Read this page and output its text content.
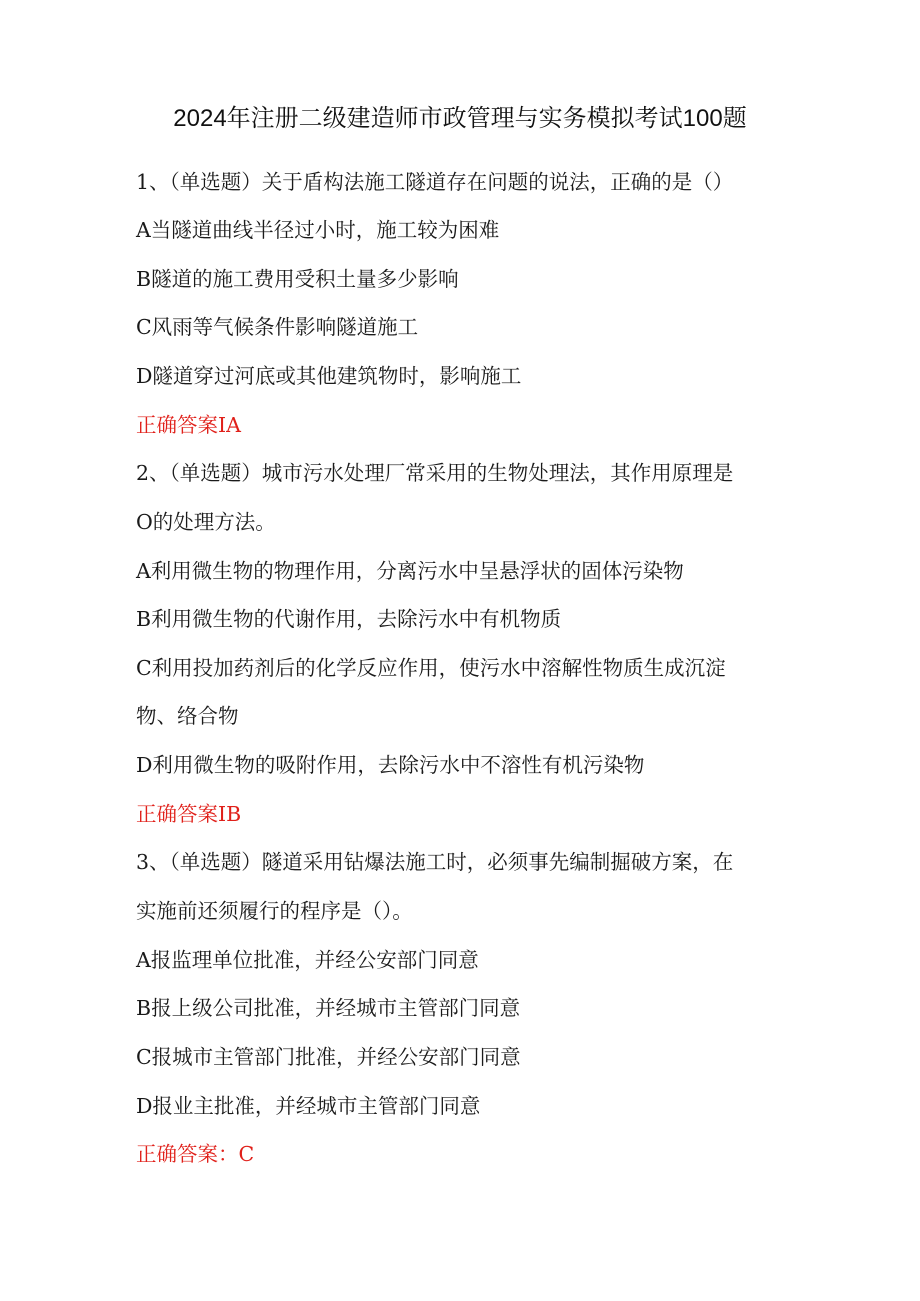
2024年注册二级建造师市政管理与实务模拟考试100题
1、（单选题）关于盾构法施工隧道存在问题的说法，正确的是（）
A当隧道曲线半径过小时，施工较为困难
B隧道的施工费用受积土量多少影响
C风雨等气候条件影响隧道施工
D隧道穿过河底或其他建筑物时，影响施工
正确答案IA
2、（单选题）城市污水处理厂常采用的生物处理法，其作用原理是
O的处理方法。
A利用微生物的物理作用，分离污水中呈悬浮状的固体污染物
B利用微生物的代谢作用，去除污水中有机物质
C利用投加药剂后的化学反应作用，使污水中溶解性物质生成沉淀
物、络合物
D利用微生物的吸附作用，去除污水中不溶性有机污染物
正确答案IB
3、（单选题）隧道采用钻爆法施工时，必须事先编制掘破方案，在
实施前还须履行的程序是（）。
A报监理单位批准，并经公安部门同意
B报上级公司批准，并经城市主管部门同意
C报城市主管部门批准，并经公安部门同意
D报业主批准，并经城市主管部门同意
正确答案：C
